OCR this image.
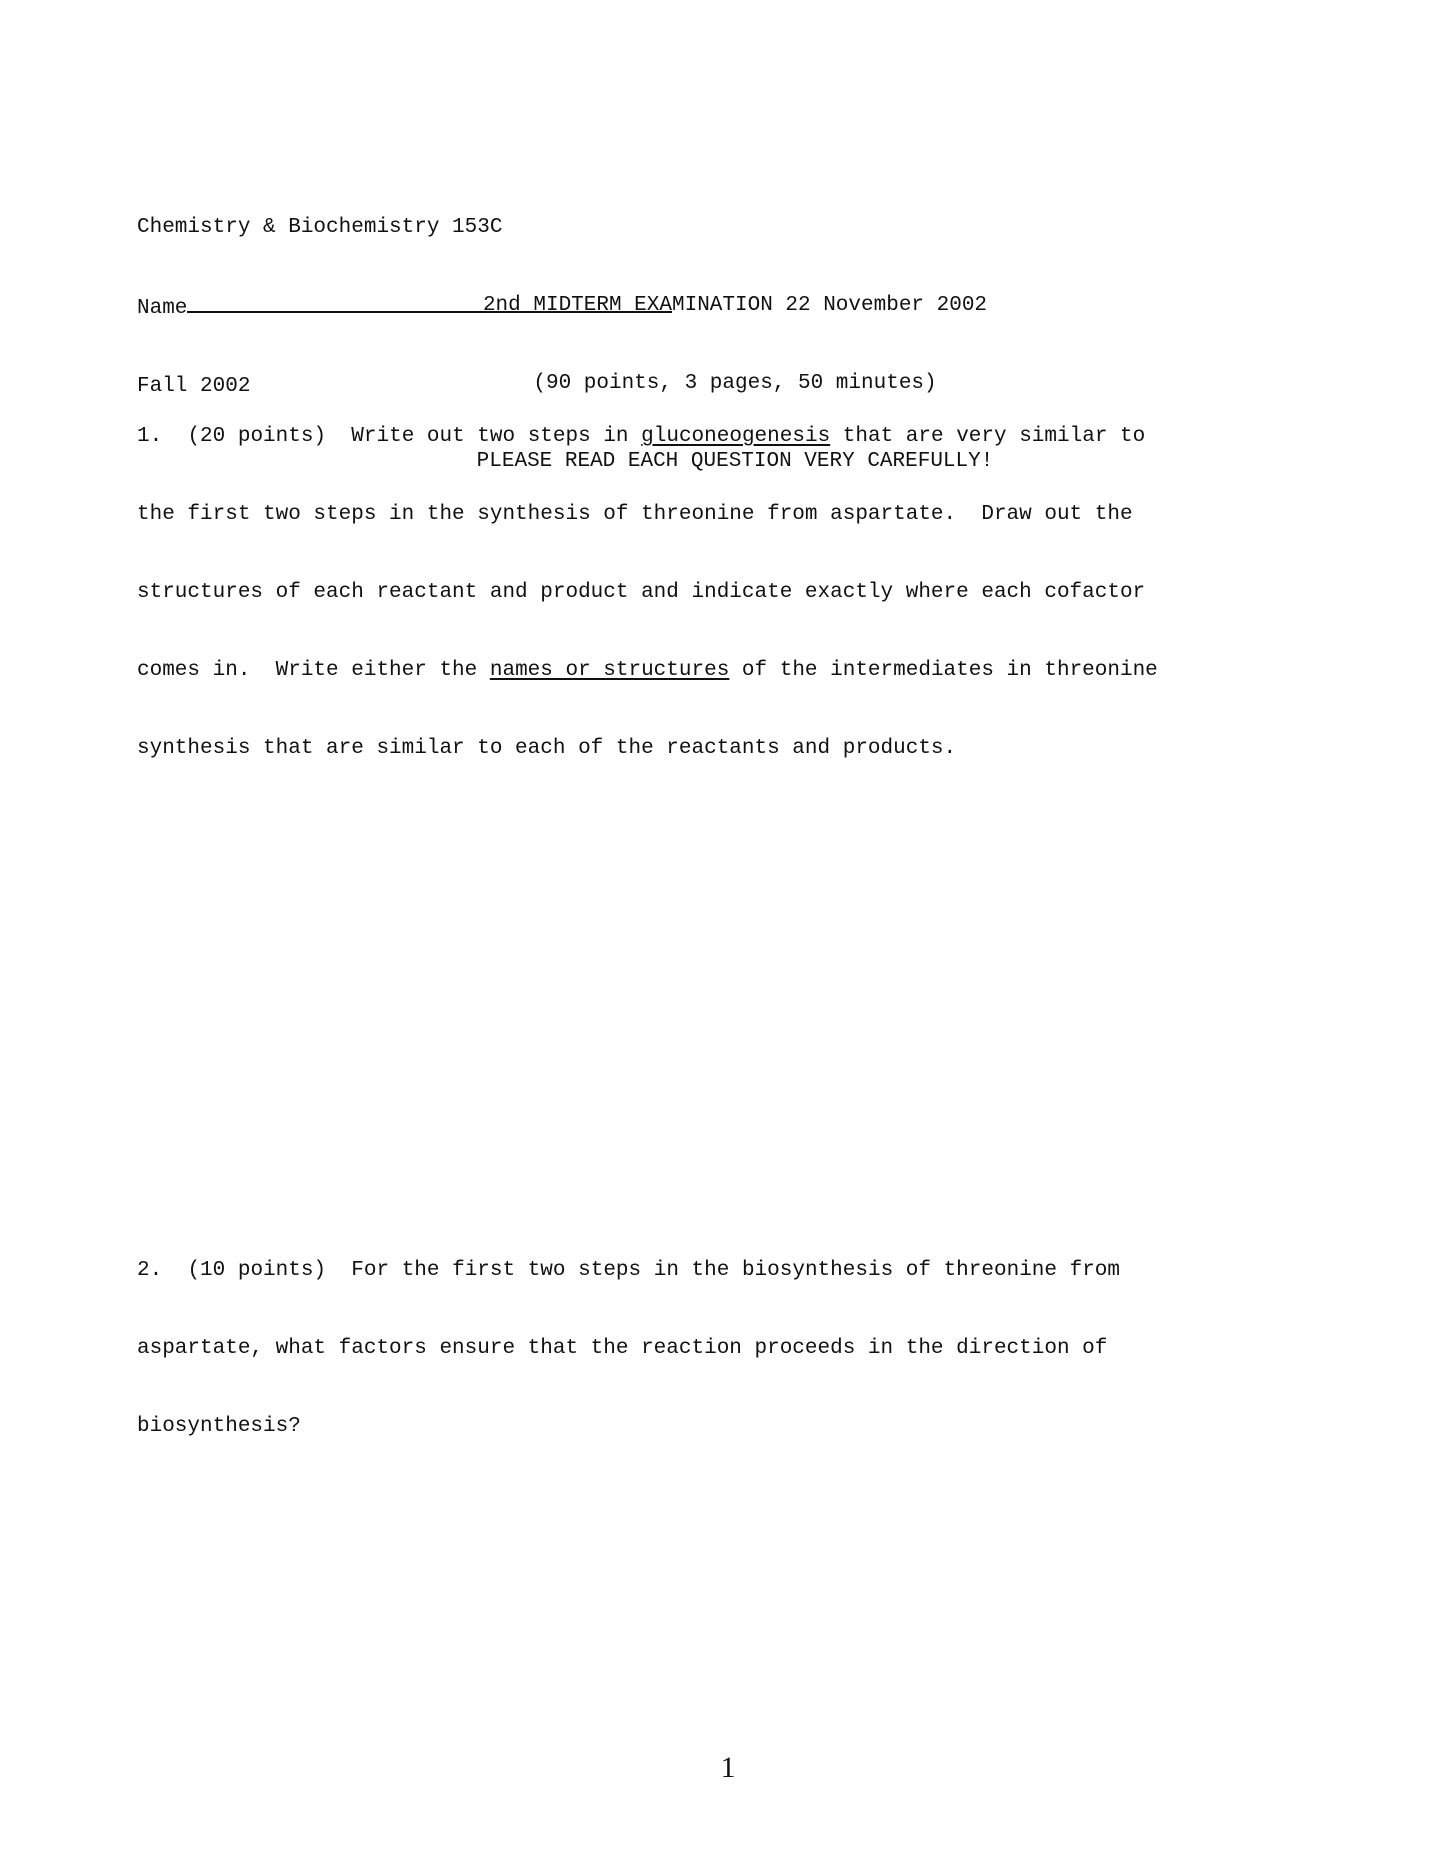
Chemistry & Biochemistry 153C

Name

Fall 2002

2nd MIDTERM EXAMINATION 22 November 2002

(90 points, 3 pages, 50 minutes)

PLEASE READ EACH QUESTION VERY CAREFULLY!

1. (20 points) Write out two steps in gluconeogenesis that are very similar to

the first two steps in the synthesis of threonine from aspartate.  Draw out the

structures of each reactant and product and indicate exactly where each cofactor

comes in.  Write either the names or structures of the intermediates in threonine

synthesis that are similar to each of the reactants and products.

2. (10 points) For the first two steps in the biosynthesis of threonine from

aspartate, what factors ensure that the reaction proceeds in the direction of

biosynthesis?

1
